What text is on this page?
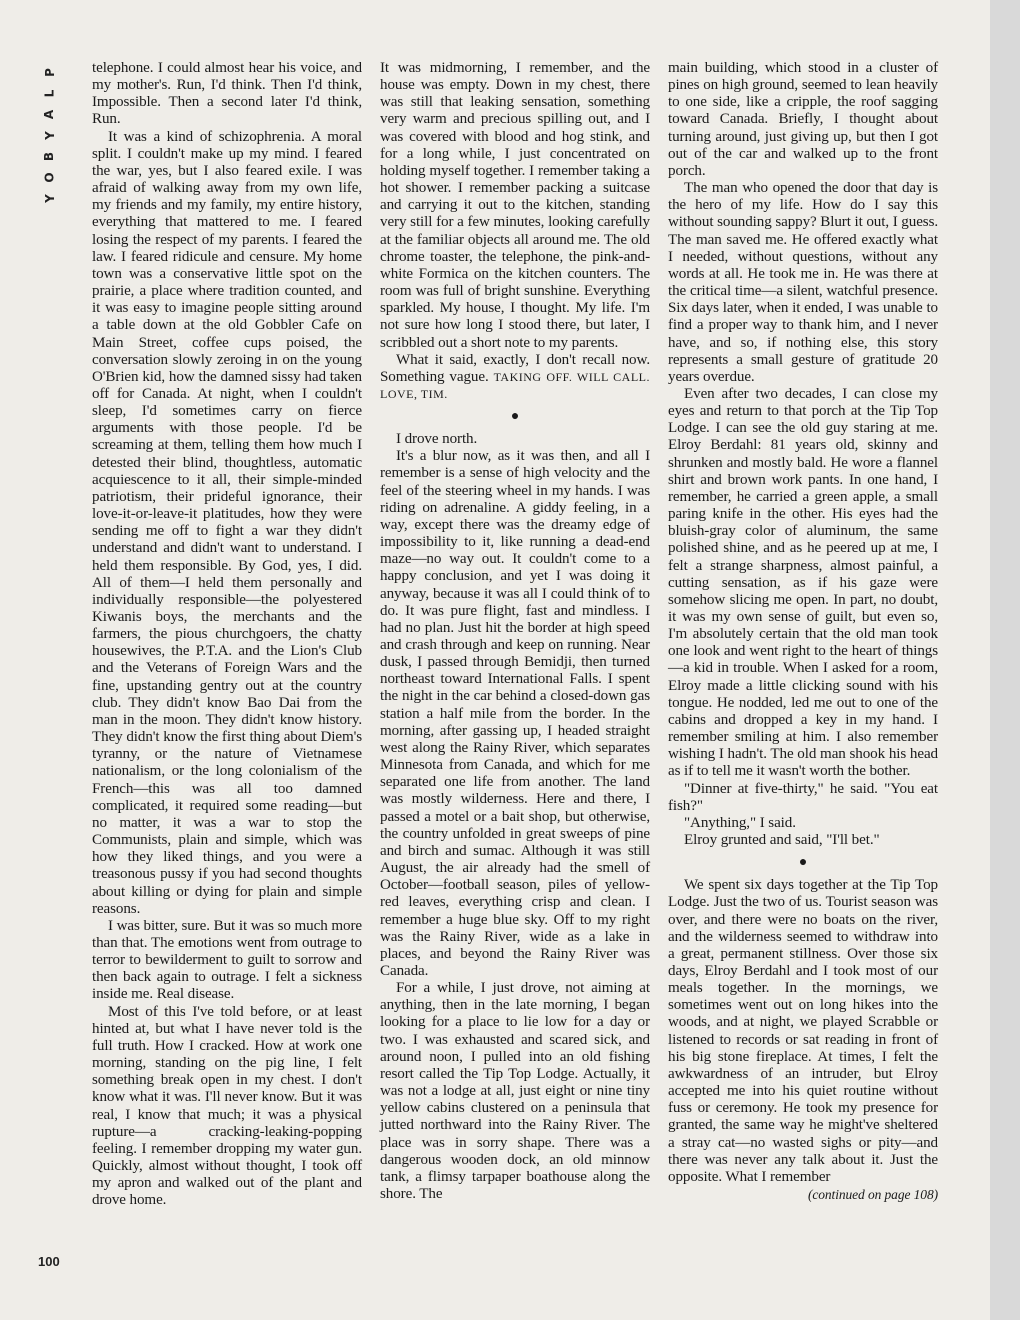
P
L
A
Y
B
O
Y
100

telephone. I could almost hear his voice, and my mother's. Run, I'd think. Then I'd think, Impossible. Then a second later I'd think, Run.

It was a kind of schizophrenia. A moral split. I couldn't make up my mind. I feared the war, yes, but I also feared exile. I was afraid of walking away from my own life, my friends and my family, my entire history, everything that mattered to me. I feared losing the respect of my parents. I feared the law. I feared ridicule and censure. My home town was a conservative little spot on the prairie, a place where tradition counted, and it was easy to imagine people sitting around a table down at the old Gobbler Cafe on Main Street, coffee cups poised, the conversation slowly zeroing in on the young O'Brien kid, how the damned sissy had taken off for Canada. At night, when I couldn't sleep, I'd sometimes carry on fierce arguments with those people. I'd be screaming at them, telling them how much I detested their blind, thoughtless, automatic acquiescence to it all, their simple-minded patriotism, their prideful ignorance, their love-it-or-leave-it platitudes, how they were sending me off to fight a war they didn't understand and didn't want to understand. I held them responsible. By God, yes, I did. All of them—I held them personally and individually responsible—the polyestered Kiwanis boys, the merchants and the farmers, the pious churchgoers, the chatty housewives, the P.T.A. and the Lion's Club and the Veterans of Foreign Wars and the fine, upstanding gentry out at the country club. They didn't know Bao Dai from the man in the moon. They didn't know history. They didn't know the first thing about Diem's tyranny, or the nature of Vietnamese nationalism, or the long colonialism of the French—this was all too damned complicated, it required some reading—but no matter, it was a war to stop the Communists, plain and simple, which was how they liked things, and you were a treasonous pussy if you had second thoughts about killing or dying for plain and simple reasons.

I was bitter, sure. But it was so much more than that. The emotions went from outrage to terror to bewilderment to guilt to sorrow and then back again to outrage. I felt a sickness inside me. Real disease.

Most of this I've told before, or at least hinted at, but what I have never told is the full truth. How I cracked. How at work one morning, standing on the pig line, I felt something break open in my chest. I don't know what it was. I'll never know. But it was real, I know that much; it was a physical rupture—a cracking-leaking-popping feeling. I remember dropping my water gun. Quickly, almost without thought, I took off my apron and walked out of the plant and drove home.

It was midmorning, I remember, and the house was empty. Down in my chest, there was still that leaking sensation, something very warm and precious spilling out, and I was covered with blood and hog stink, and for a long while, I just concentrated on holding myself together. I remember taking a hot shower. I remember packing a suitcase and carrying it out to the kitchen, standing very still for a few minutes, looking carefully at the familiar objects all around me. The old chrome toaster, the telephone, the pink-and-white Formica on the kitchen counters. The room was full of bright sunshine. Everything sparkled. My house, I thought. My life. I'm not sure how long I stood there, but later, I scribbled out a short note to my parents.

What it said, exactly, I don't recall now. Something vague. TAKING OFF. WILL CALL. LOVE, TIM.

●

I drove north.

It's a blur now, as it was then, and all I remember is a sense of high velocity and the feel of the steering wheel in my hands. I was riding on adrenaline. A giddy feeling, in a way, except there was the dreamy edge of impossibility to it, like running a dead-end maze—no way out. It couldn't come to a happy conclusion, and yet I was doing it anyway, because it was all I could think of to do. It was pure flight, fast and mindless. I had no plan. Just hit the border at high speed and crash through and keep on running. Near dusk, I passed through Bemidji, then turned northeast toward International Falls. I spent the night in the car behind a closed-down gas station a half mile from the border. In the morning, after gassing up, I headed straight west along the Rainy River, which separates Minnesota from Canada, and which for me separated one life from another. The land was mostly wilderness. Here and there, I passed a motel or a bait shop, but otherwise, the country unfolded in great sweeps of pine and birch and sumac. Although it was still August, the air already had the smell of October—football season, piles of yellow-red leaves, everything crisp and clean. I remember a huge blue sky. Off to my right was the Rainy River, wide as a lake in places, and beyond the Rainy River was Canada.

For a while, I just drove, not aiming at anything, then in the late morning, I began looking for a place to lie low for a day or two. I was exhausted and scared sick, and around noon, I pulled into an old fishing resort called the Tip Top Lodge. Actually, it was not a lodge at all, just eight or nine tiny yellow cabins clustered on a peninsula that jutted northward into the Rainy River. The place was in sorry shape. There was a dangerous wooden dock, an old minnow tank, a flimsy tarpaper boathouse along the shore. The

main building, which stood in a cluster of pines on high ground, seemed to lean heavily to one side, like a cripple, the roof sagging toward Canada. Briefly, I thought about turning around, just giving up, but then I got out of the car and walked up to the front porch.

The man who opened the door that day is the hero of my life. How do I say this without sounding sappy? Blurt it out, I guess. The man saved me. He offered exactly what I needed, without questions, without any words at all. He took me in. He was there at the critical time—a silent, watchful presence. Six days later, when it ended, I was unable to find a proper way to thank him, and I never have, and so, if nothing else, this story represents a small gesture of gratitude 20 years overdue.

Even after two decades, I can close my eyes and return to that porch at the Tip Top Lodge. I can see the old guy staring at me. Elroy Berdahl: 81 years old, skinny and shrunken and mostly bald. He wore a flannel shirt and brown work pants. In one hand, I remember, he carried a green apple, a small paring knife in the other. His eyes had the bluish-gray color of aluminum, the same polished shine, and as he peered up at me, I felt a strange sharpness, almost painful, a cutting sensation, as if his gaze were somehow slicing me open. In part, no doubt, it was my own sense of guilt, but even so, I'm absolutely certain that the old man took one look and went right to the heart of things—a kid in trouble. When I asked for a room, Elroy made a little clicking sound with his tongue. He nodded, led me out to one of the cabins and dropped a key in my hand. I remember smiling at him. I also remember wishing I hadn't. The old man shook his head as if to tell me it wasn't worth the bother.

"Dinner at five-thirty," he said. "You eat fish?"

"Anything," I said.

Elroy grunted and said, "I'll bet."

●

We spent six days together at the Tip Top Lodge. Just the two of us. Tourist season was over, and there were no boats on the river, and the wilderness seemed to withdraw into a great, permanent stillness. Over those six days, Elroy Berdahl and I took most of our meals together. In the mornings, we sometimes went out on long hikes into the woods, and at night, we played Scrabble or listened to records or sat reading in front of his big stone fireplace. At times, I felt the awkwardness of an intruder, but Elroy accepted me into his quiet routine without fuss or ceremony. He took my presence for granted, the same way he might've sheltered a stray cat—no wasted sighs or pity—and there was never any talk about it. Just the opposite. What I remember

(continued on page 108)
